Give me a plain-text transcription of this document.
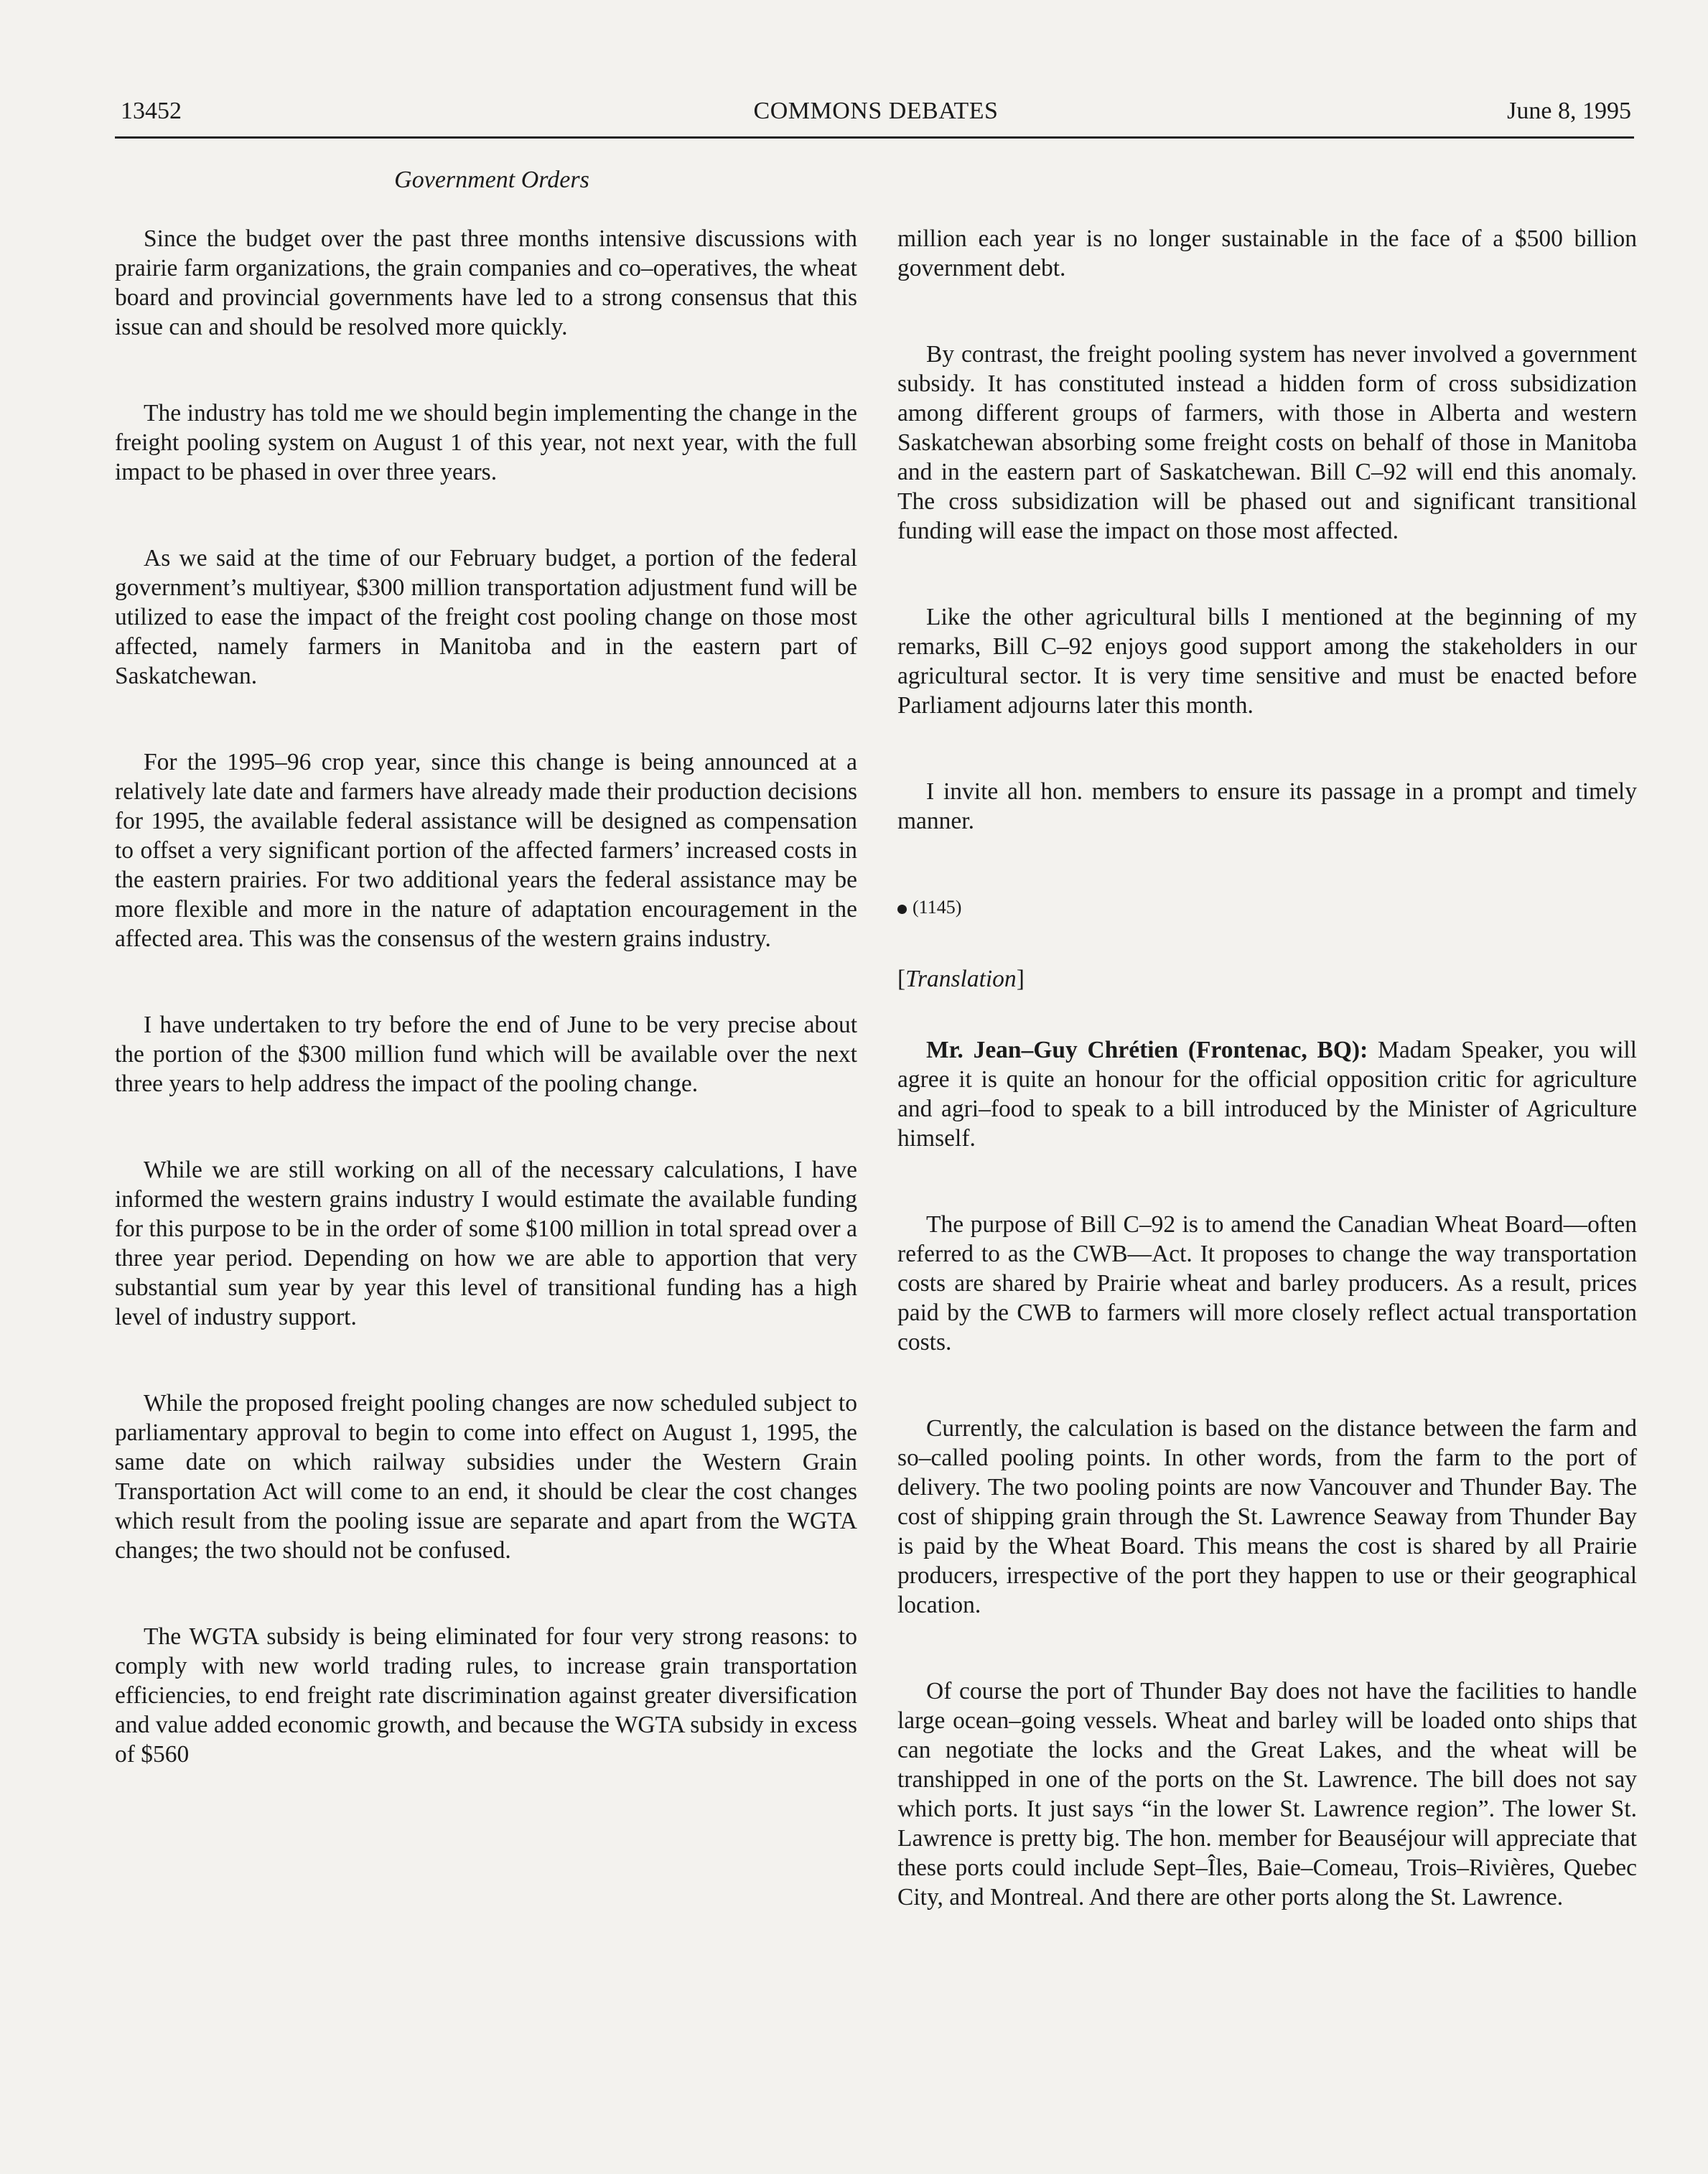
13452	COMMONS DEBATES	June 8, 1995
Government Orders

Since the budget over the past three months intensive discussions with prairie farm organizations, the grain companies and co–operatives, the wheat board and provincial governments have led to a strong consensus that this issue can and should be resolved more quickly.

The industry has told me we should begin implementing the change in the freight pooling system on August 1 of this year, not next year, with the full impact to be phased in over three years.

As we said at the time of our February budget, a portion of the federal government’s multiyear, $300 million transportation adjustment fund will be utilized to ease the impact of the freight cost pooling change on those most affected, namely farmers in Manitoba and in the eastern part of Saskatchewan.

For the 1995–96 crop year, since this change is being announced at a relatively late date and farmers have already made their production decisions for 1995, the available federal assistance will be designed as compensation to offset a very significant portion of the affected farmers’ increased costs in the eastern prairies. For two additional years the federal assistance may be more flexible and more in the nature of adaptation encouragement in the affected area. This was the consensus of the western grains industry.

I have undertaken to try before the end of June to be very precise about the portion of the $300 million fund which will be available over the next three years to help address the impact of the pooling change.

While we are still working on all of the necessary calculations, I have informed the western grains industry I would estimate the available funding for this purpose to be in the order of some $100 million in total spread over a three year period. Depending on how we are able to apportion that very substantial sum year by year this level of transitional funding has a high level of industry support.

While the proposed freight pooling changes are now scheduled subject to parliamentary approval to begin to come into effect on August 1, 1995, the same date on which railway subsidies under the Western Grain Transportation Act will come to an end, it should be clear the cost changes which result from the pooling issue are separate and apart from the WGTA changes; the two should not be confused.

The WGTA subsidy is being eliminated for four very strong reasons: to comply with new world trading rules, to increase grain transportation efficiencies, to end freight rate discrimination against greater diversification and value added economic growth, and because the WGTA subsidy in excess of $560

million each year is no longer sustainable in the face of a $500 billion government debt.

By contrast, the freight pooling system has never involved a government subsidy. It has constituted instead a hidden form of cross subsidization among different groups of farmers, with those in Alberta and western Saskatchewan absorbing some freight costs on behalf of those in Manitoba and in the eastern part of Saskatchewan. Bill C–92 will end this anomaly. The cross subsidization will be phased out and significant transitional funding will ease the impact on those most affected.

Like the other agricultural bills I mentioned at the beginning of my remarks, Bill C–92 enjoys good support among the stakeholders in our agricultural sector. It is very time sensitive and must be enacted before Parliament adjourns later this month.

I invite all hon. members to ensure its passage in a prompt and timely manner.

(1145)
[Translation]

Mr. Jean–Guy Chrétien (Frontenac, BQ): Madam Speaker, you will agree it is quite an honour for the official opposition critic for agriculture and agri–food to speak to a bill introduced by the Minister of Agriculture himself.

The purpose of Bill C–92 is to amend the Canadian Wheat Board—often referred to as the CWB—Act. It proposes to change the way transportation costs are shared by Prairie wheat and barley producers. As a result, prices paid by the CWB to farmers will more closely reflect actual transportation costs.

Currently, the calculation is based on the distance between the farm and so–called pooling points. In other words, from the farm to the port of delivery. The two pooling points are now Vancouver and Thunder Bay. The cost of shipping grain through the St. Lawrence Seaway from Thunder Bay is paid by the Wheat Board. This means the cost is shared by all Prairie producers, irrespective of the port they happen to use or their geographical location.

Of course the port of Thunder Bay does not have the facilities to handle large ocean–going vessels. Wheat and barley will be loaded onto ships that can negotiate the locks and the Great Lakes, and the wheat will be transhipped in one of the ports on the St. Lawrence. The bill does not say which ports. It just says “in the lower St. Lawrence region”. The lower St. Lawrence is pretty big. The hon. member for Beauséjour will appreciate that these ports could include Sept–Îles, Baie–Comeau, Trois–Rivières, Quebec City, and Montreal. And there are other ports along the St. Lawrence.
